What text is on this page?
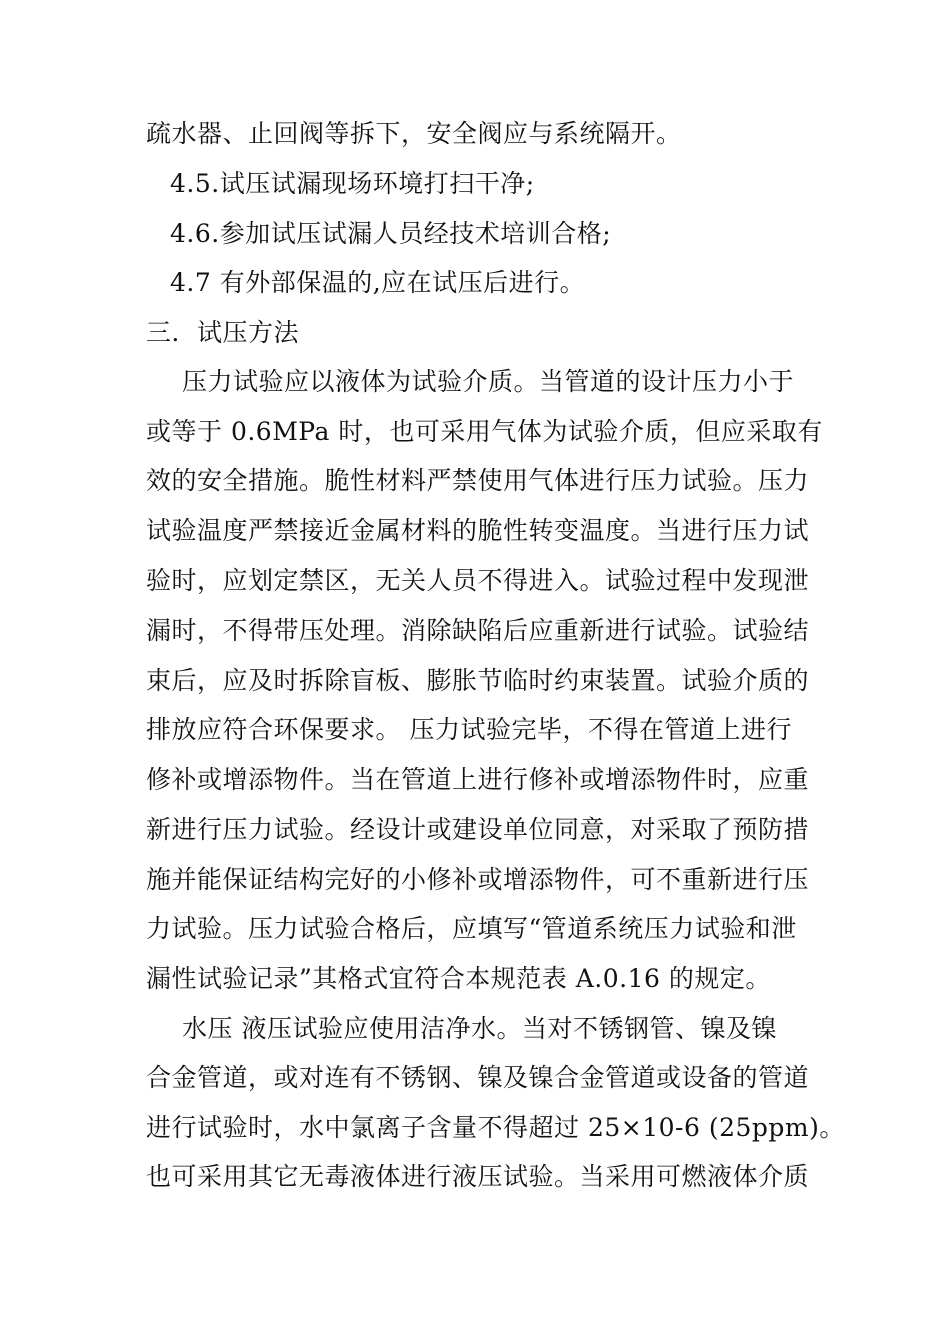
疏水器、止回阀等拆下，安全阀应与系统隔开。
4.5.试压试漏现场环境打扫干净;
4.6.参加试压试漏人员经技术培训合格;
4.7 有外部保温的,应在试压后进行。
三．试压方法
压力试验应以液体为试验介质。当管道的设计压力小于
或等于 0.6MPa 时，也可采用气体为试验介质，但应采取有
效的安全措施。脆性材料严禁使用气体进行压力试验。压力
试验温度严禁接近金属材料的脆性转变温度。当进行压力试
验时，应划定禁区，无关人员不得进入。试验过程中发现泄
漏时，不得带压处理。消除缺陷后应重新进行试验。试验结
束后，应及时拆除盲板、膨胀节临时约束装置。试验介质的
排放应符合环保要求。 压力试验完毕，不得在管道上进行
修补或增添物件。当在管道上进行修补或增添物件时，应重
新进行压力试验。经设计或建设单位同意，对采取了预防措
施并能保证结构完好的小修补或增添物件，可不重新进行压
力试验。压力试验合格后，应填写“管道系统压力试验和泄
漏性试验记录”其格式宜符合本规范表 A.0.16 的规定。
水压 液压试验应使用洁净水。当对不锈钢管、镍及镍
合金管道，或对连有不锈钢、镍及镍合金管道或设备的管道
进行试验时，水中氯离子含量不得超过 25×10-6 (25ppm)。
也可采用其它无毒液体进行液压试验。当采用可燃液体介质
